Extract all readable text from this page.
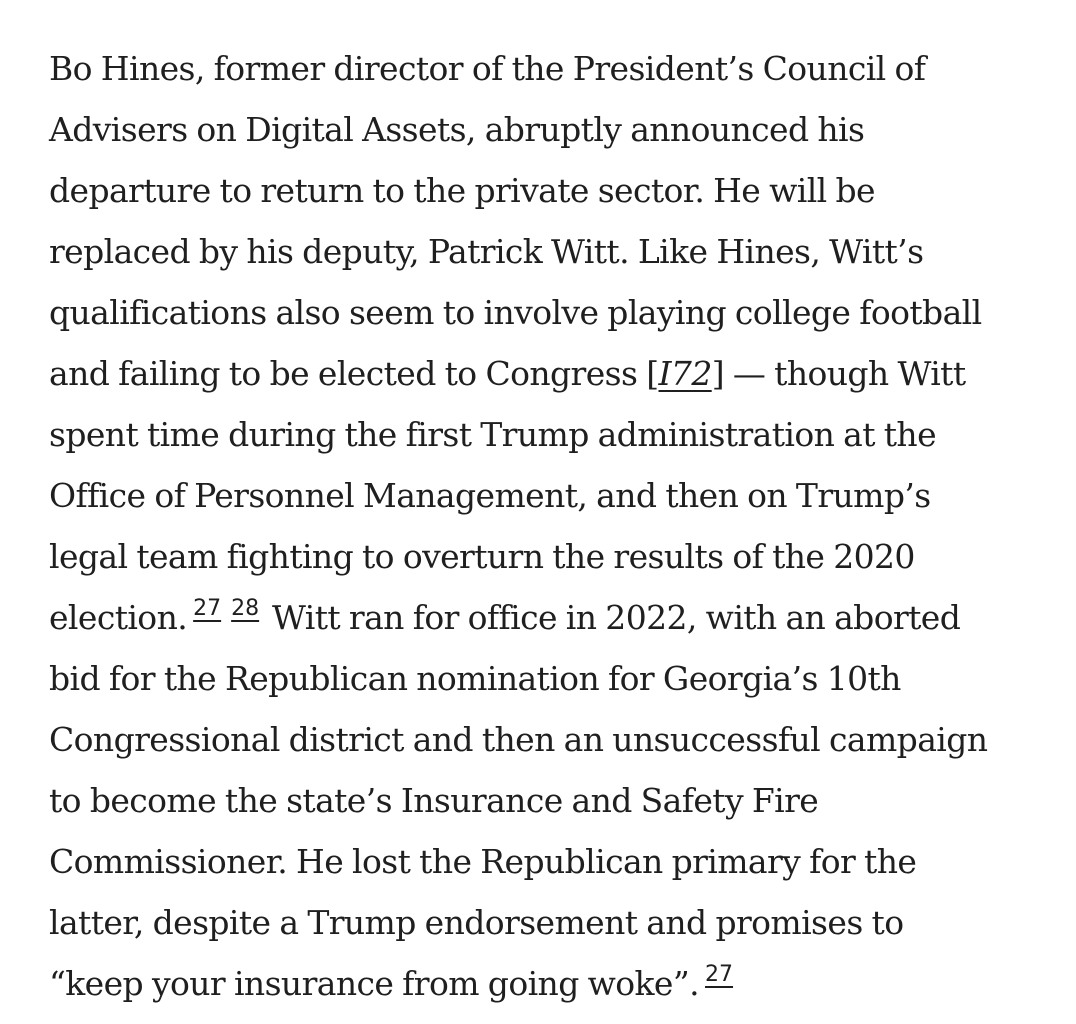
Bo Hines, former director of the President’s Council of
Advisers on Digital Assets, abruptly announced his
departure to return to the private sector. He will be
replaced by his deputy, Patrick Witt. Like Hines, Witt’s
qualifications also seem to involve playing college football
and failing to be elected to Congress [I72] — though Witt
spent time during the first Trump administration at the
Office of Personnel Management, and then on Trump’s
legal team fighting to overturn the results of the 2020
election. $^{27}$ $^{28}$ Witt ran for office in 2022, with an aborted
bid for the Republican nomination for Georgia’s 10th
Congressional district and then an unsuccessful campaign
to become the state’s Insurance and Safety Fire
Commissioner. He lost the Republican primary for the
latter, despite a Trump endorsement and promises to
“keep your insurance from going woke”. $^{27}$
